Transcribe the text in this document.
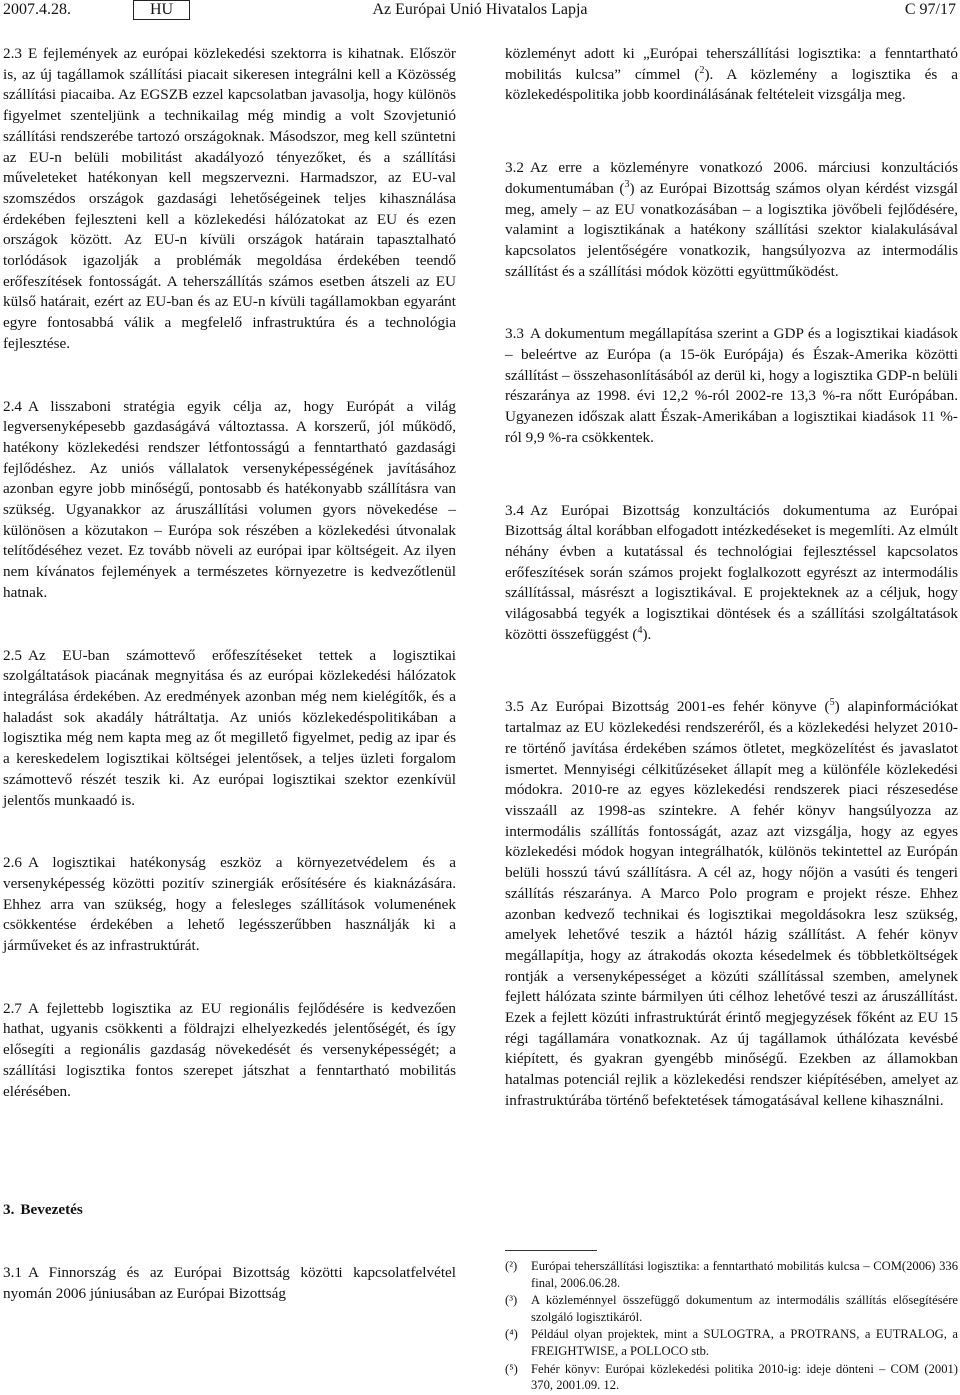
2007.4.28.	HU	Az Európai Unió Hivatalos Lapja	C 97/17

2.3 E fejlemények az európai közlekedési szektorra is kihatnak. Először is, az új tagállamok szállítási piacait sikeresen integrálni kell a Közösség szállítási piacaiba. Az EGSZB ezzel kapcsolatban javasolja, hogy különös figyelmet szenteljünk a technikailag még mindig a volt Szovjetunió szállítási rendszerébe tartozó országoknak. Másodszor, meg kell szüntetni az EU-n belüli mobilitást akadályozó tényezőket, és a szállítási műveleteket hatékonyan kell megszervezni. Harmadszor, az EU-val szomszédos országok gazdasági lehetőségeinek teljes kihasználása érdekében fejleszteni kell a közlekedési hálózatokat az EU és ezen országok között. Az EU-n kívüli országok határain tapasztalható torlódások igazolják a problémák megoldása érdekében teendő erőfeszítések fontosságát. A teherszállítás számos esetben átszeli az EU külső határait, ezért az EU-ban és az EU-n kívüli tagállamokban egyaránt egyre fontosabbá válik a megfelelő infrastruktúra és a technológia fejlesztése.

2.4 A lisszaboni stratégia egyik célja az, hogy Európát a világ legversenyképesebb gazdaságává változtassa. A korszerű, jól működő, hatékony közlekedési rendszer létfontosságú a fenntartható gazdasági fejlődéshez. Az uniós vállalatok versenyképességének javításához azonban egyre jobb minőségű, pontosabb és hatékonyabb szállításra van szükség. Ugyanakkor az áruszállítási volumen gyors növekedése – különösen a közutakon – Európa sok részében a közlekedési útvonalak telítődéséhez vezet. Ez tovább növeli az európai ipar költségeit. Az ilyen nem kívánatos fejlemények a természetes környezetre is kedvezőtlenül hatnak.

2.5 Az EU-ban számottevő erőfeszítéseket tettek a logisztikai szolgáltatások piacának megnyitása és az európai közlekedési hálózatok integrálása érdekében. Az eredmények azonban még nem kielégítők, és a haladást sok akadály hátráltatja. Az uniós közlekedéspolitikában a logisztika még nem kapta meg az őt megillető figyelmet, pedig az ipar és a kereskedelem logisztikai költségei jelentősek, a teljes üzleti forgalom számottevő részét teszik ki. Az európai logisztikai szektor ezenkívül jelentős munkaadó is.

2.6 A logisztikai hatékonyság eszköz a környezetvédelem és a versenyképesség közötti pozitív szinergiák erősítésére és kiaknázására. Ehhez arra van szükség, hogy a felesleges szállítások volumenének csökkentése érdekében a lehető legésszerűbben használják ki a járműveket és az infrastruktúrát.

2.7 A fejlettebb logisztika az EU regionális fejlődésére is kedvezően hathat, ugyanis csökkenti a földrajzi elhelyezkedés jelentőségét, és így elősegíti a regionális gazdaság növekedését és versenyképességét; a szállítási logisztika fontos szerepet játszhat a fenntartható mobilitás elérésében.

3. Bevezetés

3.1 A Finnország és az Európai Bizottság közötti kapcsolatfelvétel nyomán 2006 júniusában az Európai Bizottság

közleményt adott ki „Európai teherszállítási logisztika: a fenntartható mobilitás kulcsa” címmel ($^2$). A közlemény a logisztika és a közlekedéspolitika jobb koordinálásának feltételeit vizsgálja meg.

3.2 Az erre a közleményre vonatkozó 2006. márciusi konzultációs dokumentumában ($^3$) az Európai Bizottság számos olyan kérdést vizsgál meg, amely – az EU vonatkozásában – a logisztika jövőbeli fejlődésére, valamint a logisztikának a hatékony szállítási szektor kialakulásával kapcsolatos jelentőségére vonatkozik, hangsúlyozva az intermodális szállítást és a szállítási módok közötti együttműködést.

3.3 A dokumentum megállapítása szerint a GDP és a logisztikai kiadások – beleértve az Európa (a 15-ök Európája) és Észak-Amerika közötti szállítást – összehasonlításából az derül ki, hogy a logisztika GDP-n belüli részaránya az 1998. évi 12,2 %-ról 2002-re 13,3 %-ra nőtt Európában. Ugyanezen időszak alatt Észak-Amerikában a logisztikai kiadások 11 %-ról 9,9 %-ra csökkentek.

3.4 Az Európai Bizottság konzultációs dokumentuma az Európai Bizottság által korábban elfogadott intézkedéseket is megemlíti. Az elmúlt néhány évben a kutatással és technológiai fejlesztéssel kapcsolatos erőfeszítések során számos projekt foglalkozott egyrészt az intermodális szállítással, másrészt a logisztikával. E projekteknek az a céljuk, hogy világosabbá tegyék a logisztikai döntések és a szállítási szolgáltatások közötti összefüggést ($^4$).

3.5 Az Európai Bizottság 2001-es fehér könyve ($^5$) alapinformációkat tartalmaz az EU közlekedési rendszeréről, és a közlekedési helyzet 2010-re történő javítása érdekében számos ötletet, megközelítést és javaslatot ismertet. Mennyiségi célkitűzéseket állapít meg a különféle közlekedési módokra. 2010-re az egyes közlekedési rendszerek piaci részesedése visszaáll az 1998-as szintekre. A fehér könyv hangsúlyozza az intermodális szállítás fontosságát, azaz azt vizsgálja, hogy az egyes közlekedési módok hogyan integrálhatók, különös tekintettel az Európán belüli hosszú távú szállításra. A cél az, hogy nőjön a vasúti és tengeri szállítás részaránya. A Marco Polo program e projekt része. Ehhez azonban kedvező technikai és logisztikai megoldásokra lesz szükség, amelyek lehetővé teszik a háztól házig szállítást. A fehér könyv megállapítja, hogy az átrakodás okozta késedelmek és többletköltségek rontják a versenyképességet a közúti szállítással szemben, amelynek fejlett hálózata szinte bármilyen úti célhoz lehetővé teszi az áruszállítást. Ezek a fejlett közúti infrastruktúrát érintő megjegyzések főként az EU 15 régi tagállamára vonatkoznak. Az új tagállamok úthálózata kevésbé kiépített, és gyakran gyengébb minőségű. Ezekben az államokban hatalmas potenciál rejlik a közlekedési rendszer kiépítésében, amelyet az infrastruktúrába történő befektetések támogatásával kellene kihasználni.

(²)	Európai teherszállítási logisztika: a fenntartható mobilitás kulcsa – COM(2006) 336 final, 2006.06.28.
(³)	A közleménnyel összefüggő dokumentum az intermodális szállítás elősegítésére szolgáló logisztikáról.
(⁴)	Például olyan projektek, mint a SULOGTRA, a PROTRANS, a EUTRALOG, a FREIGHTWISE, a POLLOCO stb.
(⁵)	Fehér könyv: Európai közlekedési politika 2010-ig: ideje dönteni – COM (2001) 370, 2001.09. 12.
